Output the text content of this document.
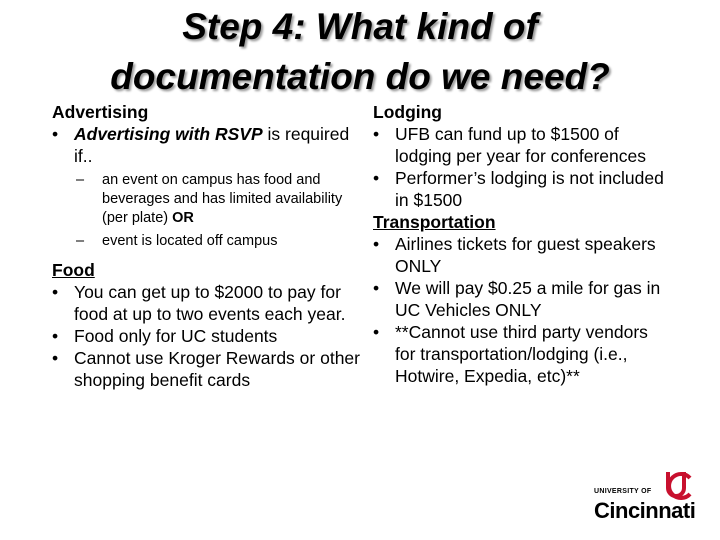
Step 4: What kind of
documentation do we need?
Advertising
• Advertising with RSVP is required if..
–	an event on campus has food and beverages and has limited availability (per plate) OR
–	event is located off campus
Food
• You can get up to $2000 to pay for food at up to two events each year.
• Food only for UC students
• Cannot use Kroger Rewards or other shopping benefit cards
Lodging
• UFB can fund up to $1500 of lodging per year for conferences
• Performer’s lodging is not included in $1500
Transportation
• Airlines tickets for guest speakers ONLY
• We will pay $0.25 a mile for gas in UC Vehicles ONLY
• **Cannot use third party vendors for transportation/lodging (i.e., Hotwire, Expedia, etc)**
UNIVERSITY OF
Cincinnati
